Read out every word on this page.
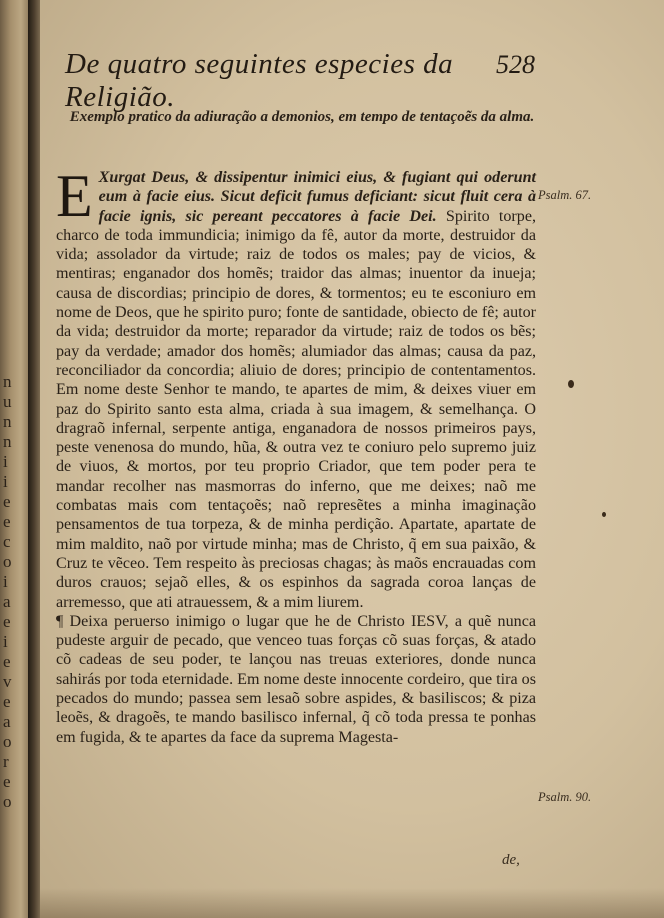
n
u
n
n
i
i
e
e
c
o
i
a
e
i
e
v
e
a
o
r
e
o
De quatro seguintes especies da Religião.
528
Exemplo pratico da adiuração a demonios, em tempo de tentaçoẽs da alma.
E Xurgat Deus, & dissipentur inimici eius, & fugiant qui oderunt eum à facie eius. Sicut deficit fumus deficiant: sicut fluit cera à facie ignis, sic pereant peccatores à facie Dei. Spirito torpe, charco de toda immundicia; inimigo da fê, autor da morte, destruidor da vida; assolador da virtude; raiz de todos os males; pay de vicios, & mentiras; enganador dos homẽs; traidor das almas; inuentor da inueja; causa de discordias; principio de dores, & tormentos; eu te esconiuro em nome de Deos, que he spirito puro; fonte de santidade, obiecto de fê; autor da vida; destruidor da morte; reparador da virtude; raiz de todos os bẽs; pay da verdade; amador dos homẽs; alumiador das almas; causa da paz, reconciliador da concordia; aliuio de dores; principio de contentamentos. Em nome deste Senhor te mando, te apartes de mim, & deixes viuer em paz do Spirito santo esta alma, criada à sua imagem, & semelhança. O dragraõ infernal, serpente antiga, enganadora de nossos primeiros pays, peste venenosa do mundo, hũa, & outra vez te coniuro pelo supremo juiz de viuos, & mortos, por teu proprio Criador, que tem poder pera te mandar recolher nas masmorras do inferno, que me deixes; naõ me combatas mais com tentaçoẽs; naõ represẽtes a minha imaginação pensamentos de tua torpeza, & de minha perdição. Apartate, apartate de mim maldito, naõ por virtude minha; mas de Christo, q̃ em sua paixão, & Cruz te vẽceo. Tem respeito às preciosas chagas; às maõs encrauadas com duros crauos; sejaõ elles, & os espinhos da sagrada coroa lanças de arremesso, que ati atrauessem, & a mim liurem.
¶ Deixa peruerso inimigo o lugar que he de Christo IESV, a quẽ nunca pudeste arguir de pecado, que venceo tuas forças cõ suas forças, & atado cõ cadeas de seu poder, te lançou nas treuas exteriores, donde nunca sahirás por toda eternidade. Em nome deste innocente cordeiro, que tira os pecados do mundo; passea sem lesaõ sobre aspides, & basiliscos; & piza leoẽs, & dragoẽs, te mando basilisco infernal, q̃ cõ toda pressa te ponhas em fugida, & te apartes da face da suprema Magesta-
Psalm. 67.
Psalm. 90.
de,
